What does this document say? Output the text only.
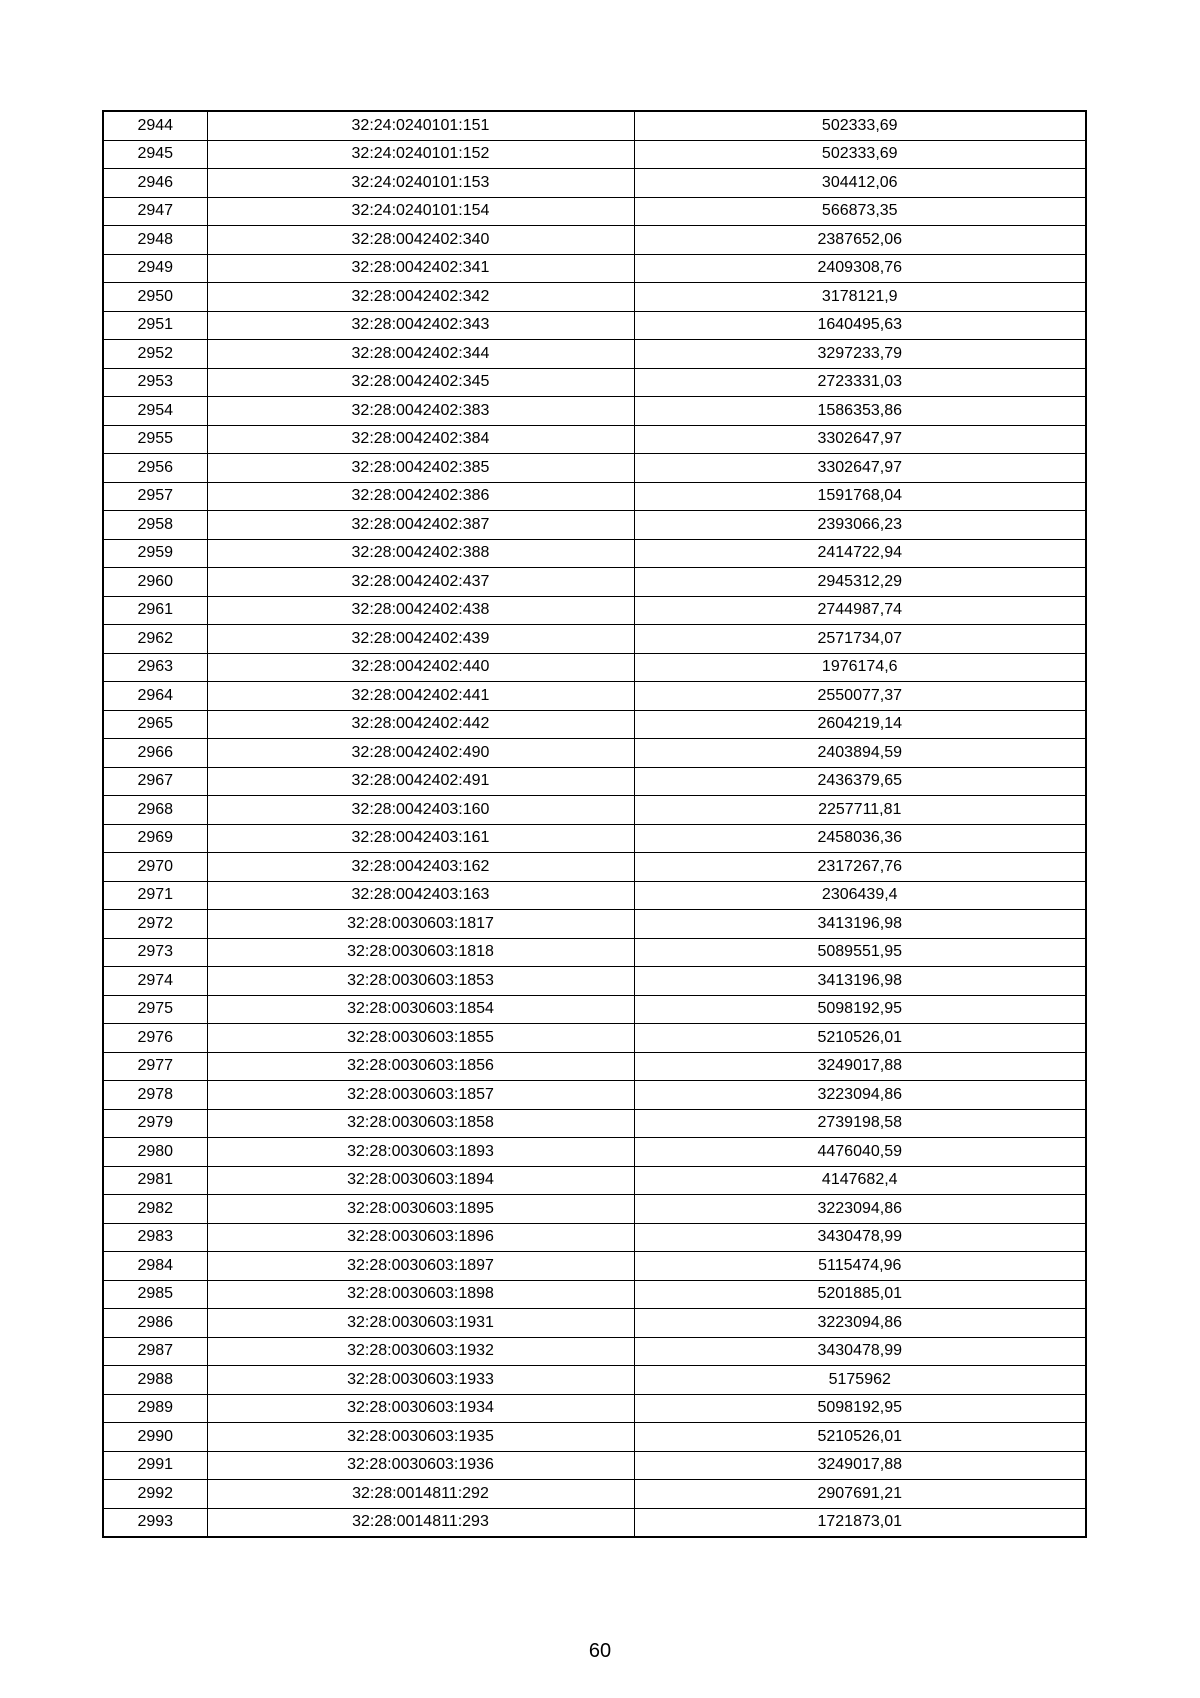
2944	32:24:0240101:151	502333,69
2945	32:24:0240101:152	502333,69
2946	32:24:0240101:153	304412,06
2947	32:24:0240101:154	566873,35
2948	32:28:0042402:340	2387652,06
2949	32:28:0042402:341	2409308,76
2950	32:28:0042402:342	3178121,9
2951	32:28:0042402:343	1640495,63
2952	32:28:0042402:344	3297233,79
2953	32:28:0042402:345	2723331,03
2954	32:28:0042402:383	1586353,86
2955	32:28:0042402:384	3302647,97
2956	32:28:0042402:385	3302647,97
2957	32:28:0042402:386	1591768,04
2958	32:28:0042402:387	2393066,23
2959	32:28:0042402:388	2414722,94
2960	32:28:0042402:437	2945312,29
2961	32:28:0042402:438	2744987,74
2962	32:28:0042402:439	2571734,07
2963	32:28:0042402:440	1976174,6
2964	32:28:0042402:441	2550077,37
2965	32:28:0042402:442	2604219,14
2966	32:28:0042402:490	2403894,59
2967	32:28:0042402:491	2436379,65
2968	32:28:0042403:160	2257711,81
2969	32:28:0042403:161	2458036,36
2970	32:28:0042403:162	2317267,76
2971	32:28:0042403:163	2306439,4
2972	32:28:0030603:1817	3413196,98
2973	32:28:0030603:1818	5089551,95
2974	32:28:0030603:1853	3413196,98
2975	32:28:0030603:1854	5098192,95
2976	32:28:0030603:1855	5210526,01
2977	32:28:0030603:1856	3249017,88
2978	32:28:0030603:1857	3223094,86
2979	32:28:0030603:1858	2739198,58
2980	32:28:0030603:1893	4476040,59
2981	32:28:0030603:1894	4147682,4
2982	32:28:0030603:1895	3223094,86
2983	32:28:0030603:1896	3430478,99
2984	32:28:0030603:1897	5115474,96
2985	32:28:0030603:1898	5201885,01
2986	32:28:0030603:1931	3223094,86
2987	32:28:0030603:1932	3430478,99
2988	32:28:0030603:1933	5175962
2989	32:28:0030603:1934	5098192,95
2990	32:28:0030603:1935	5210526,01
2991	32:28:0030603:1936	3249017,88
2992	32:28:0014811:292	2907691,21
2993	32:28:0014811:293	1721873,01
60
